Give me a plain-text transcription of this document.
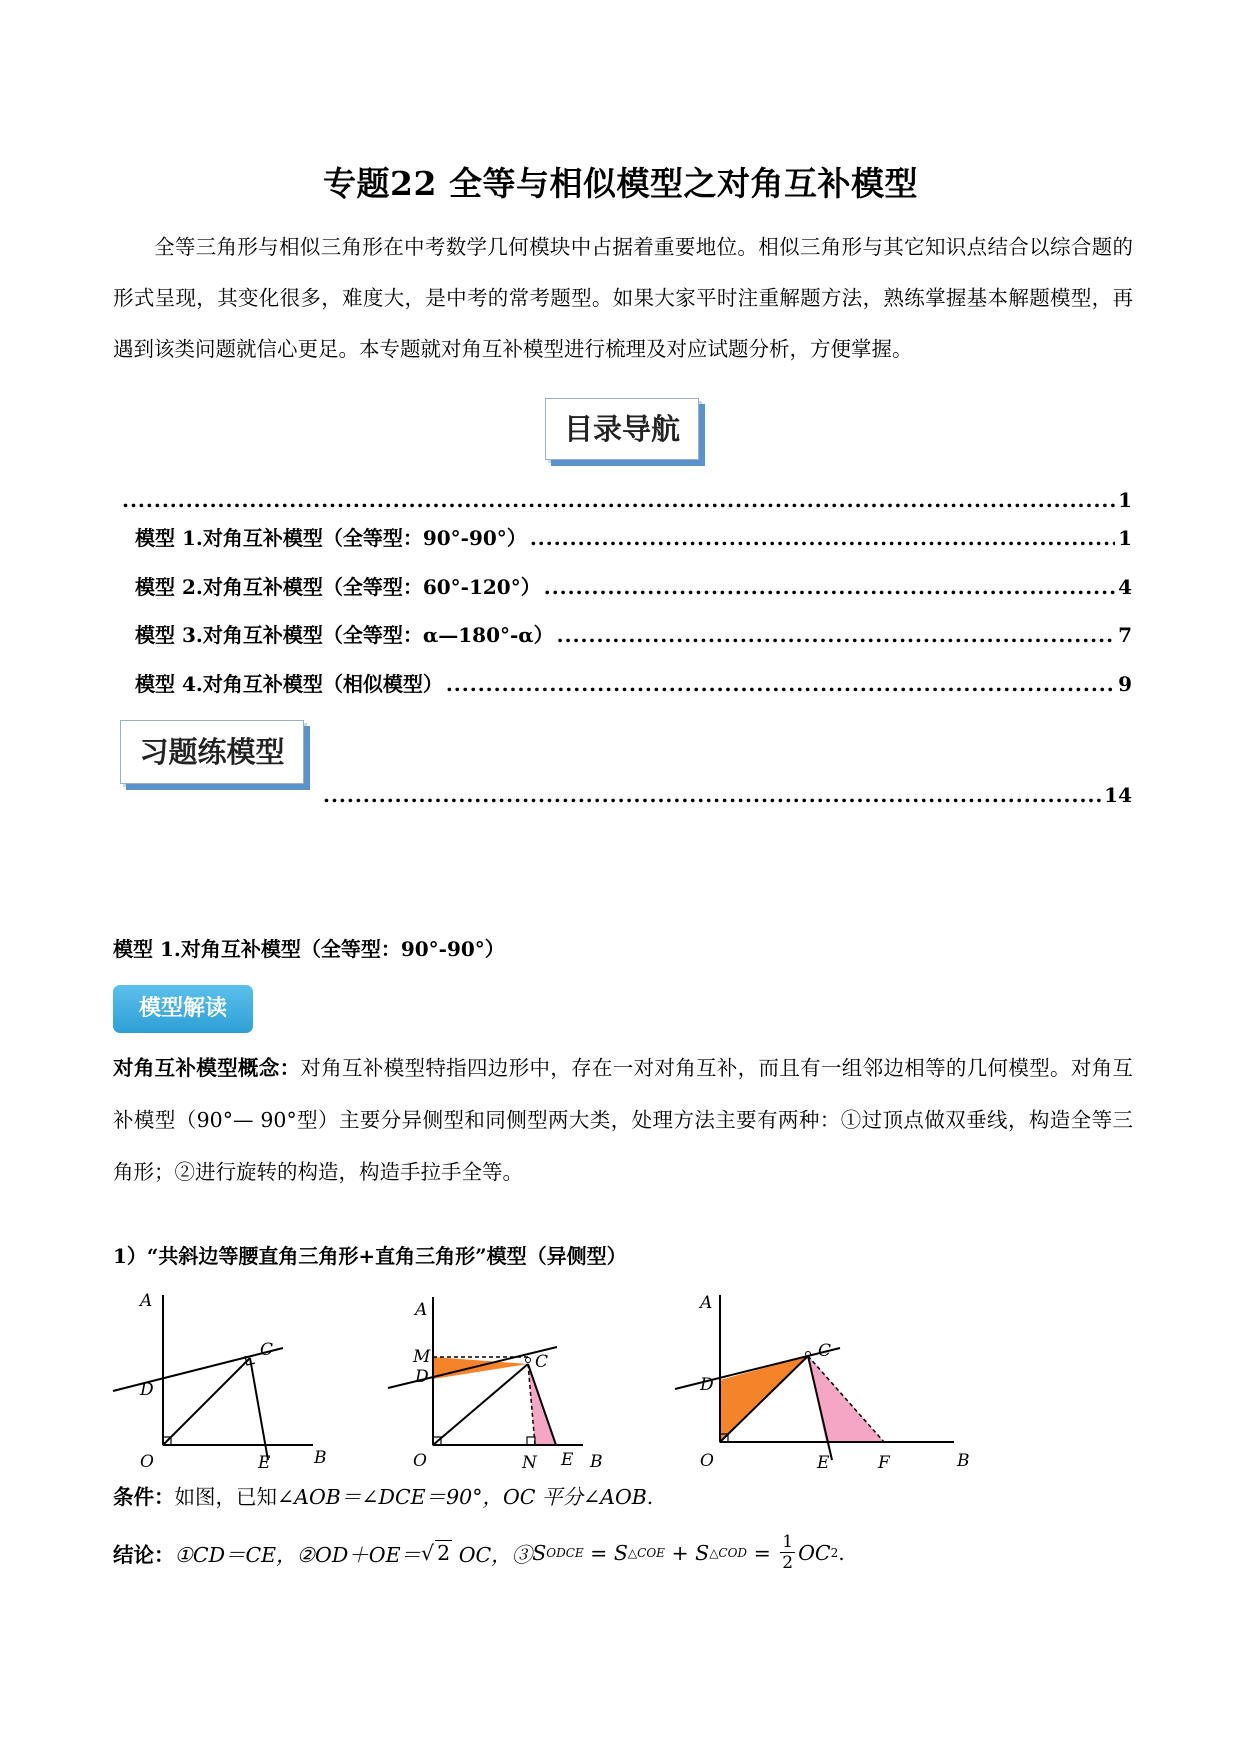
专题22 全等与相似模型之对角互补模型
全等三角形与相似三角形在中考数学几何模块中占据着重要地位。相似三角形与其它知识点结合以综合题的形式呈现，其变化很多，难度大，是中考的常考题型。如果大家平时注重解题方法，熟练掌握基本解题模型，再遇到该类问题就信心更足。本专题就对角互补模型进行梳理及对应试题分析，方便掌握。
目录导航
.....
1
模型 1.对角互补模型（全等型：90°-90°） .....	1
模型 2.对角互补模型（全等型：60°-120°） .....	4
模型 3.对角互补模型（全等型：α—180°-α） .....	7
模型 4.对角互补模型（相似模型） .....	9
习题练模型
.....
14
模型 1.对角互补模型（全等型：90°-90°）
模型解读
对角互补模型概念：对角互补模型特指四边形中，存在一对对角互补，而且有一组邻边相等的几何模型。对角互补模型（90°— 90°型）主要分异侧型和同侧型两大类，处理方法主要有两种：①过顶点做双垂线，构造全等三角形；②进行旋转的构造，构造手拉手全等。
1）“共斜边等腰直角三角形+直角三角形”模型（异侧型）
A
C
D
O	E	B
A
M
D
C
O	N E B
A
C
D
O	E	F	B
条件：如图，已知∠AOB＝∠DCE＝90°，OC 平分∠AOB.
结论： ①CD＝CE，②OD＋OE＝ √ 2 OC，③ S ODCE = S △COE + S △COD = $\frac{1}{2}$ OC 2 .
